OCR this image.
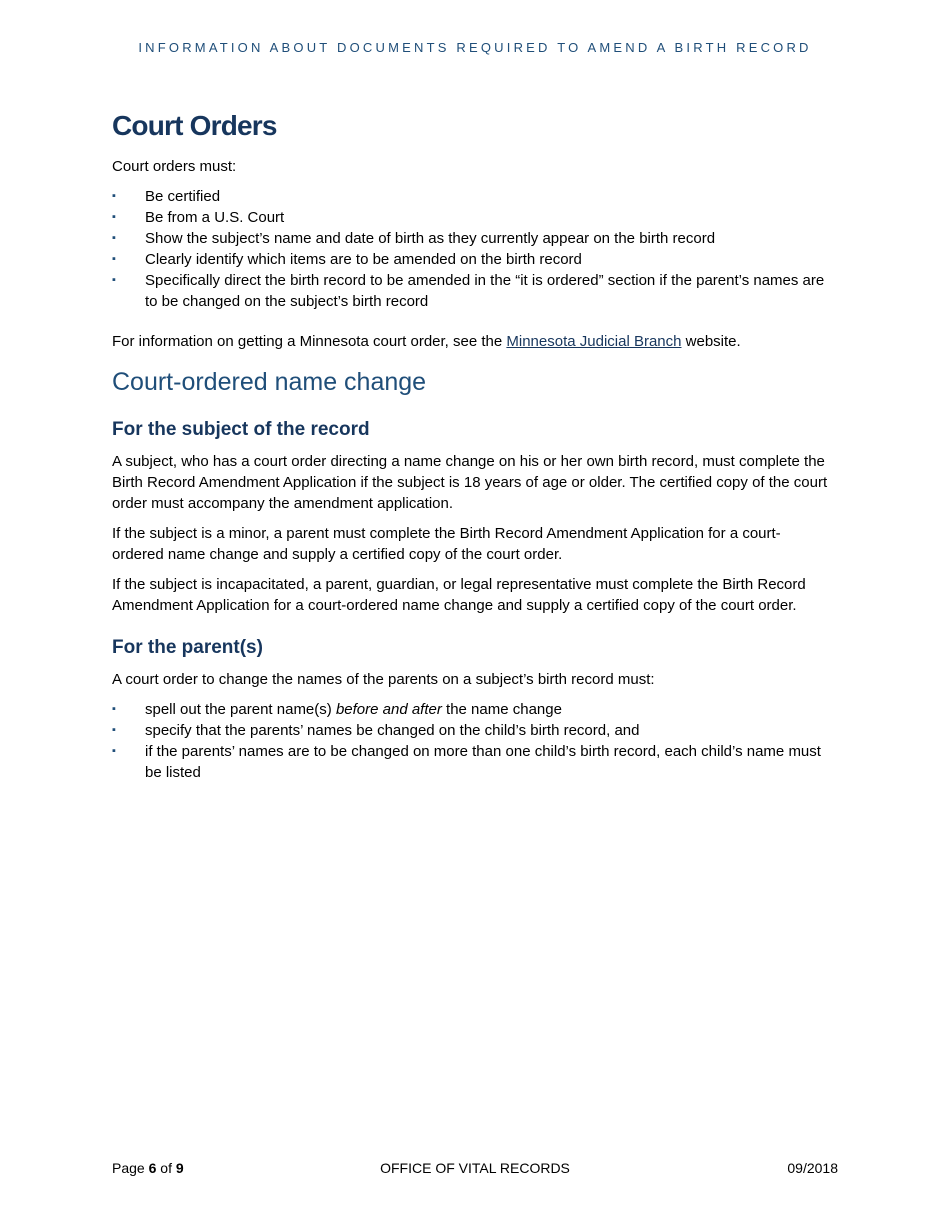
INFORMATION ABOUT DOCUMENTS REQUIRED TO AMEND A BIRTH RECORD
Court Orders

Court orders must:

▪ Be certified
▪ Be from a U.S. Court
▪ Show the subject’s name and date of birth as they currently appear on the birth record
▪ Clearly identify which items are to be amended on the birth record
▪ Specifically direct the birth record to be amended in the “it is ordered” section if the parent’s names are to be changed on the subject’s birth record

For information on getting a Minnesota court order, see the Minnesota Judicial Branch website.

Court-ordered name change
For the subject of the record

A subject, who has a court order directing a name change on his or her own birth record, must complete the Birth Record Amendment Application if the subject is 18 years of age or older. The certified copy of the court order must accompany the amendment application.

If the subject is a minor, a parent must complete the Birth Record Amendment Application for a court-ordered name change and supply a certified copy of the court order.

If the subject is incapacitated, a parent, guardian, or legal representative must complete the Birth Record Amendment Application for a court-ordered name change and supply a certified copy of the court order.

For the parent(s)

A court order to change the names of the parents on a subject’s birth record must:

▪ spell out the parent name(s) before and after the name change
▪ specify that the parents’ names be changed on the child’s birth record, and
▪ if the parents’ names are to be changed on more than one child’s birth record, each child’s name must be listed
Page 6 of 9	OFFICE OF VITAL RECORDS	09/2018
